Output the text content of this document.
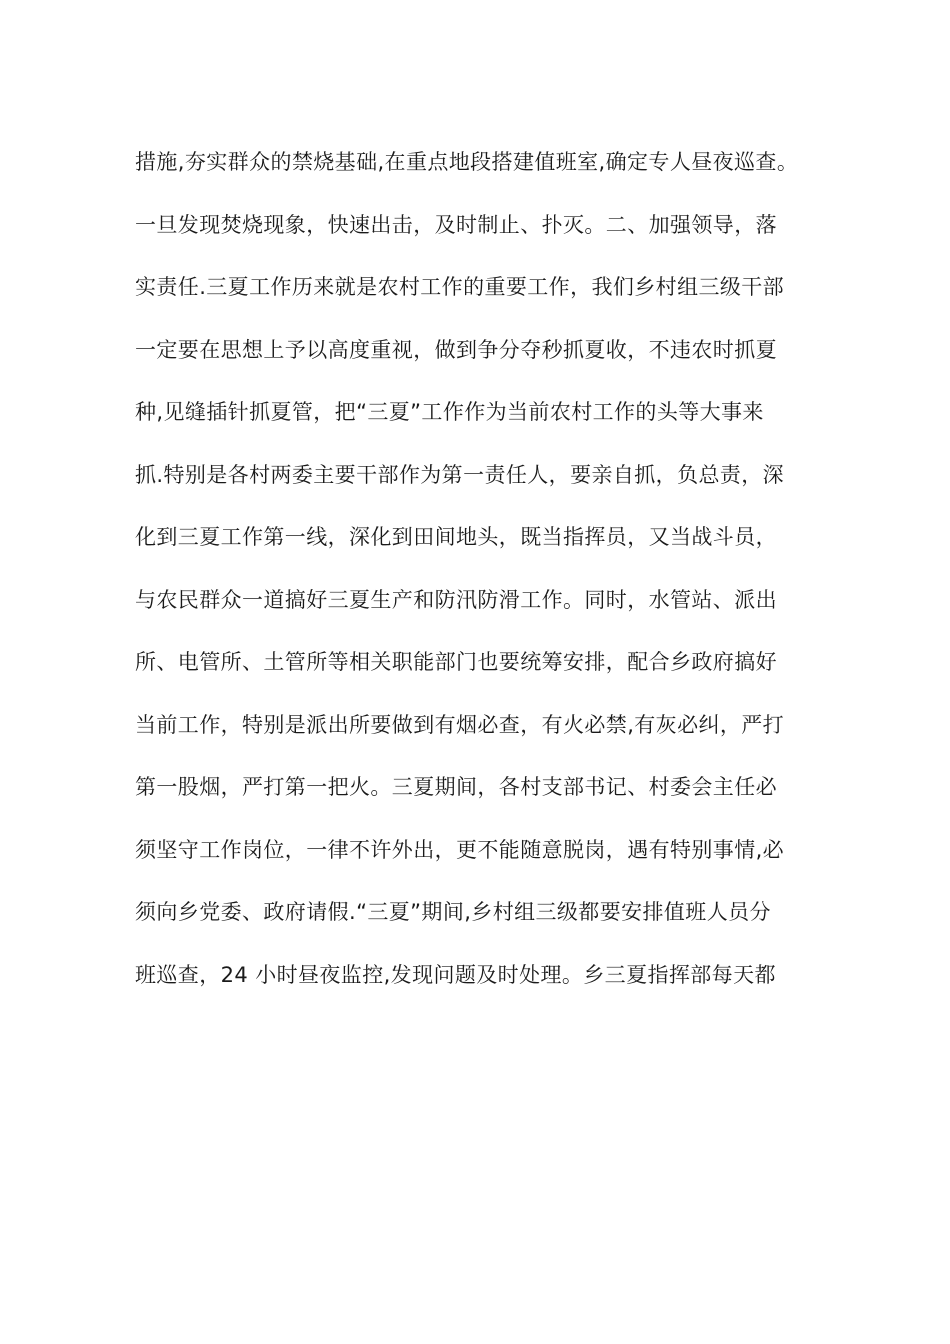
措施,夯实群众的禁烧基础,在重点地段搭建值班室,确定专人昼夜巡查。
一旦发现焚烧现象，快速出击，及时制止、扑灭。二、加强领导，落
实责任.三夏工作历来就是农村工作的重要工作，我们乡村组三级干部
一定要在思想上予以高度重视，做到争分夺秒抓夏收，不违农时抓夏
种,见缝插针抓夏管，把“三夏”工作作为当前农村工作的头等大事来
抓.特别是各村两委主要干部作为第一责任人，要亲自抓，负总责，深
化到三夏工作第一线，深化到田间地头，既当指挥员，又当战斗员，
与农民群众一道搞好三夏生产和防汛防滑工作。同时，水管站、派出
所、电管所、土管所等相关职能部门也要统筹安排，配合乡政府搞好
当前工作，特别是派出所要做到有烟必查，有火必禁,有灰必纠，严打
第一股烟，严打第一把火。三夏期间，各村支部书记、村委会主任必
须坚守工作岗位，一律不许外出，更不能随意脱岗，遇有特别事情,必
须向乡党委、政府请假.“三夏”期间,乡村组三级都要安排值班人员分
班巡查，24 小时昼夜监控,发现问题及时处理。乡三夏指挥部每天都
